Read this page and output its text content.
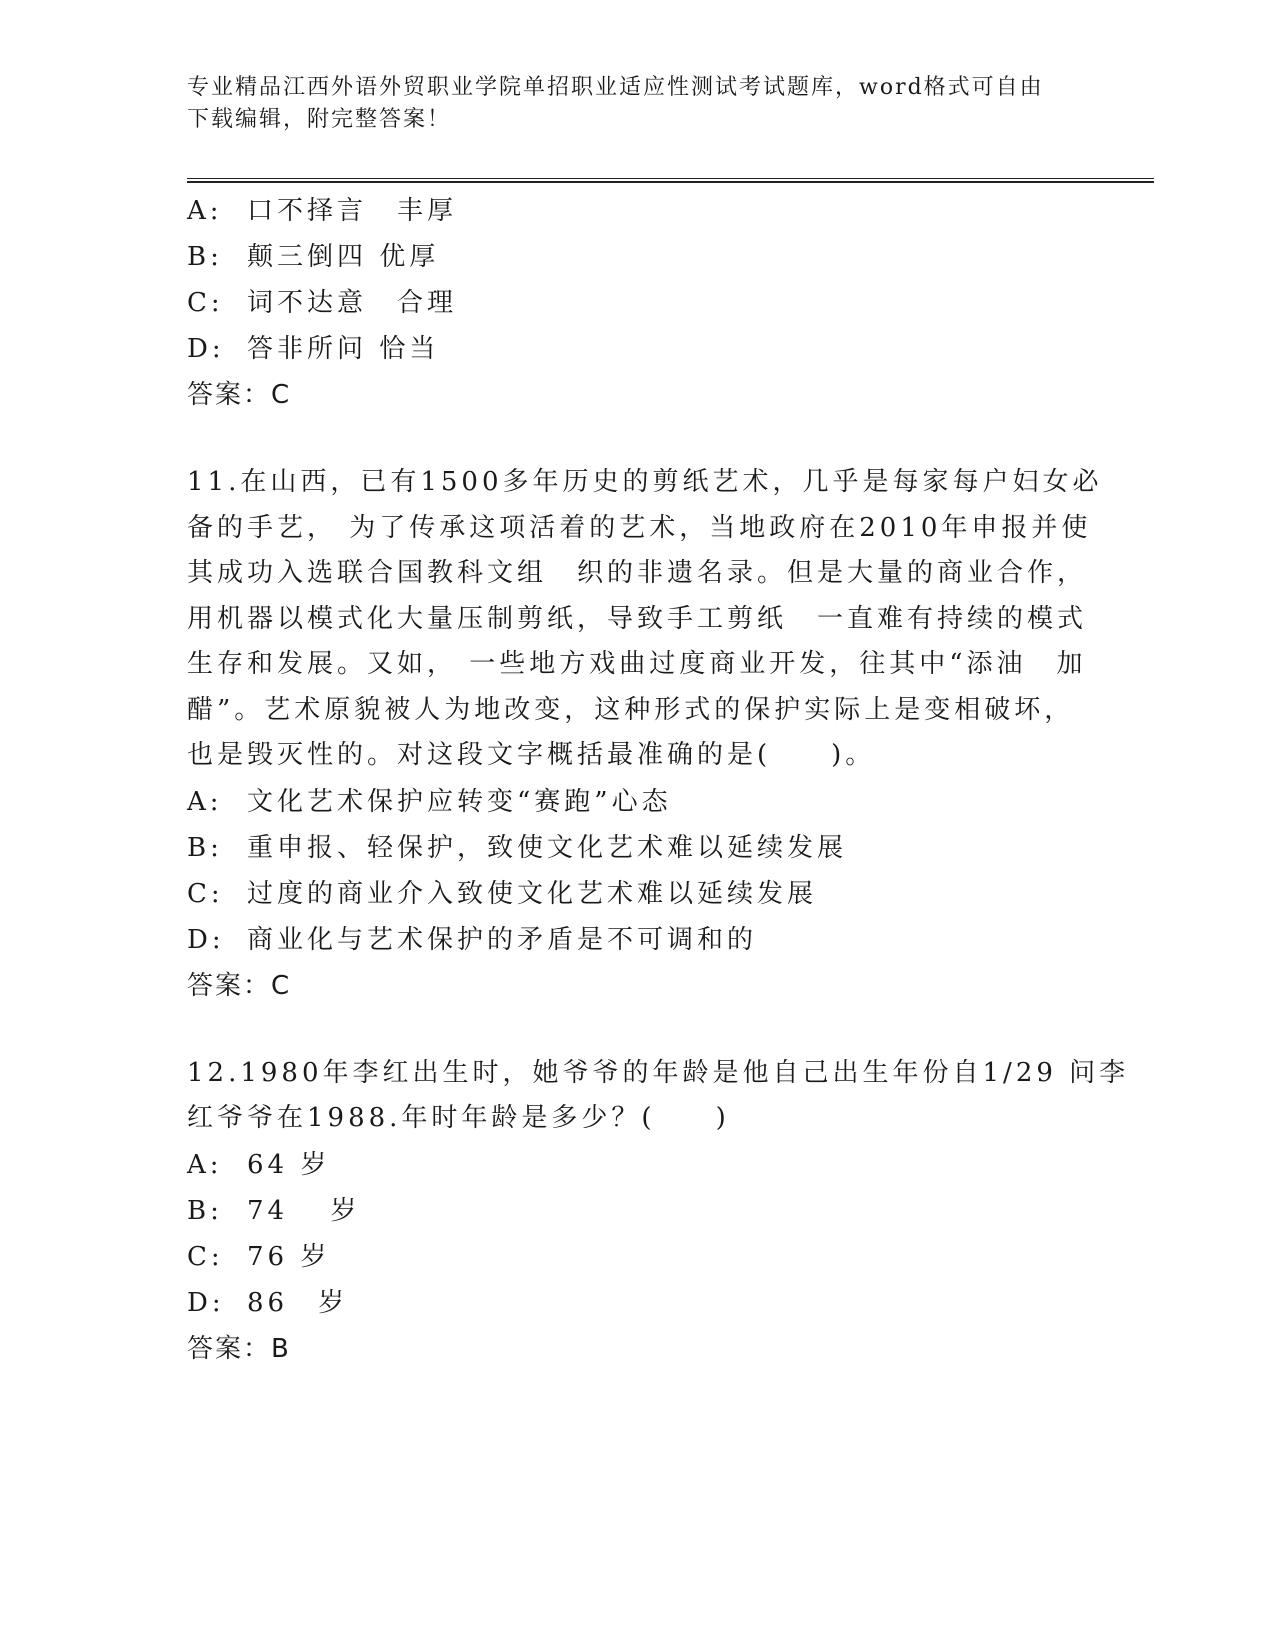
专业精品江西外语外贸职业学院单招职业适应性测试考试题库，word格式可自由
下载编辑，附完整答案！
A: 口不择言　丰厚
B: 颠三倒四 优厚
C: 词不达意　合理
D: 答非所问 恰当
答案：C
11.在山西，已有1500多年历史的剪纸艺术，几乎是每家每户妇女必
备的手艺， 为了传承这项活着的艺术，当地政府在2010年申报并使
其成功入选联合国教科文组　织的非遗名录。但是大量的商业合作，
用机器以模式化大量压制剪纸，导致手工剪纸　一直难有持续的模式
生存和发展。又如， 一些地方戏曲过度商业开发，往其中“添油　加
醋”。艺术原貌被人为地改变，这种形式的保护实际上是变相破坏，
也是毁灭性的。对这段文字概括最准确的是(　　)。
A: 文化艺术保护应转变“赛跑”心态
B: 重申报、轻保护，致使文化艺术难以延续发展
C: 过度的商业介入致使文化艺术难以延续发展
D: 商业化与艺术保护的矛盾是不可调和的
答案：C
12.1980年李红出生时，她爷爷的年龄是他自己出生年份自1/29 问李
红爷爷在1988.年时年龄是多少？(　　)
A: 64 岁
B: 74　 岁
C: 76 岁
D: 86　岁
答案：B
